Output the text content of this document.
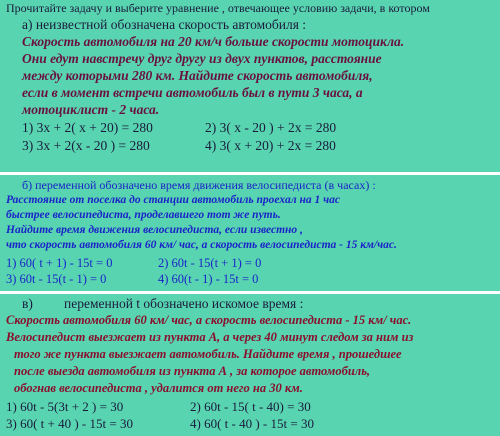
Прочитайте задачу и выберите уравнение , отвечающее условию задачи, в котором
а) неизвестной обозначена скорость автомобиля :
Скорость автомобиля на 20 км/ч больше скорости мотоцикла.
Они едут навстречу друг другу из двух пунктов, расстояние
между которыми 280 км. Найдите скорость автомобиля,
если в момент встречи автомобиль был в пути 3 часа, а
мотоциклист - 2 часа.
1) 3x + 2( x + 20) = 280	2) 3( x - 20 ) + 2x = 280
3) 3x + 2(x - 20 ) = 280	4) 3( x + 20) + 2x = 280
б) переменной обозначено время движения велосипедиста (в часах) :
Расстояние от поселка до станции автомобиль проехал на 1 час
быстрее велосипедиста, проделавшего тот же путь.
Найдите время движения велосипедиста, если известно ,
что скорость автомобиля 60 км/ час, а скорость велосипедиста - 15 км/час.
1) 60( t + 1) - 15t = 0	2) 60t - 15(t + 1) = 0
3) 60t - 15(t - 1) = 0	4) 60(t - 1) - 15t = 0
в) переменной t обозначено искомое время :
Скорость автомобиля 60 км/ час, а скорость велосипедиста - 15 км/ час.
Велосипедист выезжает из пункта А, а через 40 минут следом за ним из
того же пункта выезжает автомобиль. Найдите время , прошедшее
после выезда автомобиля из пункта А , за которое автомобиль,
обогнав велосипедиста , удалится от него на 30 км.
1) 60t - 5(3t + 2 ) = 30	2) 60t - 15( t - 40) = 30
3) 60( t + 40 ) - 15t = 30	4) 60( t - 40 ) - 15t = 30
